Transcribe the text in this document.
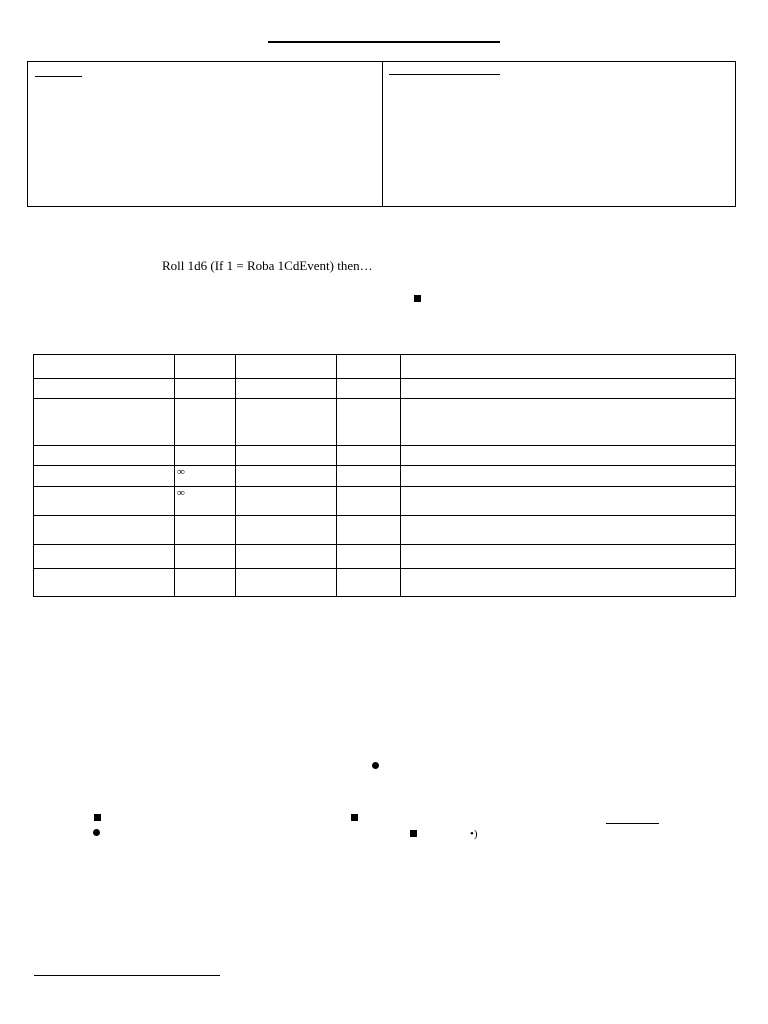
Roll 1d6 (If 1 = Roba 1CdEvent) then…

	∞			
	∞			

•)
